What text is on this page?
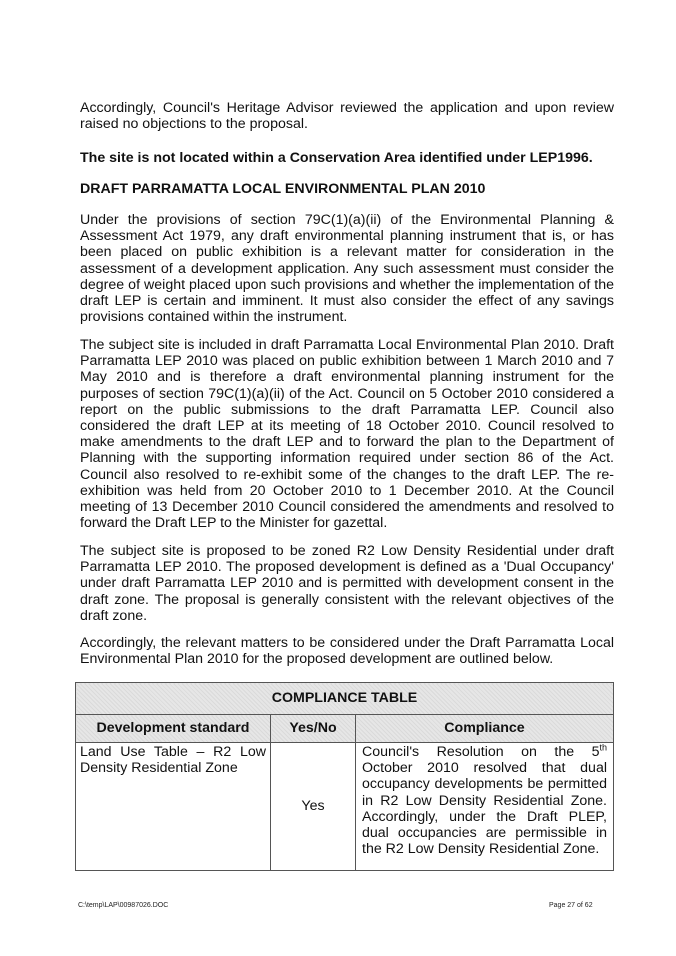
Accordingly, Council's Heritage Advisor reviewed the application and upon review raised no objections to the proposal.
The site is not located within a Conservation Area identified under LEP1996.
DRAFT PARRAMATTA LOCAL ENVIRONMENTAL PLAN 2010
Under the provisions of section 79C(1)(a)(ii) of the Environmental Planning & Assessment Act 1979, any draft environmental planning instrument that is, or has been placed on public exhibition is a relevant matter for consideration in the assessment of a development application. Any such assessment must consider the degree of weight placed upon such provisions and whether the implementation of the draft LEP is certain and imminent. It must also consider the effect of any savings provisions contained within the instrument.
The subject site is included in draft Parramatta Local Environmental Plan 2010. Draft Parramatta LEP 2010 was placed on public exhibition between 1 March 2010 and 7 May 2010 and is therefore a draft environmental planning instrument for the purposes of section 79C(1)(a)(ii) of the Act. Council on 5 October 2010 considered a report on the public submissions to the draft Parramatta LEP. Council also considered the draft LEP at its meeting of 18 October 2010. Council resolved to make amendments to the draft LEP and to forward the plan to the Department of Planning with the supporting information required under section 86 of the Act. Council also resolved to re-exhibit some of the changes to the draft LEP. The re-exhibition was held from 20 October 2010 to 1 December 2010. At the Council meeting of 13 December 2010 Council considered the amendments and resolved to forward the Draft LEP to the Minister for gazettal.
The subject site is proposed to be zoned R2 Low Density Residential under draft Parramatta LEP 2010. The proposed development is defined as a 'Dual Occupancy' under draft Parramatta LEP 2010 and is permitted with development consent in the draft zone. The proposal is generally consistent with the relevant objectives of the draft zone.
Accordingly, the relevant matters to be considered under the Draft Parramatta Local Environmental Plan 2010 for the proposed development are outlined below.
COMPLIANCE TABLE		
Development standard	Yes/No	Compliance
Land Use Table – R2 Low Density Residential Zone	Yes	Council's Resolution on the 5th October 2010 resolved that dual occupancy developments be permitted in R2 Low Density Residential Zone. Accordingly, under the Draft PLEP, dual occupancies are permissible in the R2 Low Density Residential Zone.
C:\temp\LAP\00987026.DOC	Page 27 of 62
